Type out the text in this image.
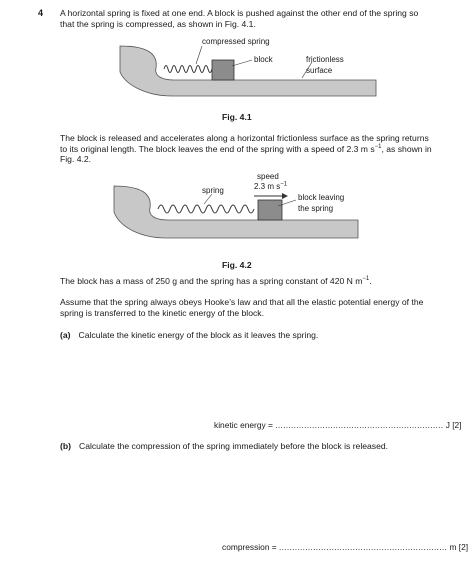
4 A horizontal spring is fixed at one end. A block is pushed against the other end of the spring so
that the spring is compressed, as shown in Fig. 4.1.
compressed spring
block	frictionless
surface
Fig. 4.1
The block is released and accelerates along a horizontal frictionless surface as the spring returns
to its original length. The block leaves the end of the spring with a speed of 2.3 m $s^{-1}$, as shown in
Fig. 4.2.
speed
2.3 m $s^{-1}$
spring
block leaving
the spring
Fig. 4.2
The block has a mass of 250 g and the spring has a spring constant of 420 N $m^{-1}$.
Assume that the spring always obeys Hooke’s law and that all the elastic potential energy of the
spring is transferred to the kinetic energy of the block.
(a) Calculate the kinetic energy of the block as it leaves the spring.
kinetic energy = ................................................................ J [2]
(b) Calculate the compression of the spring immediately before the block is released.
compression = ................................................................ m [2]
